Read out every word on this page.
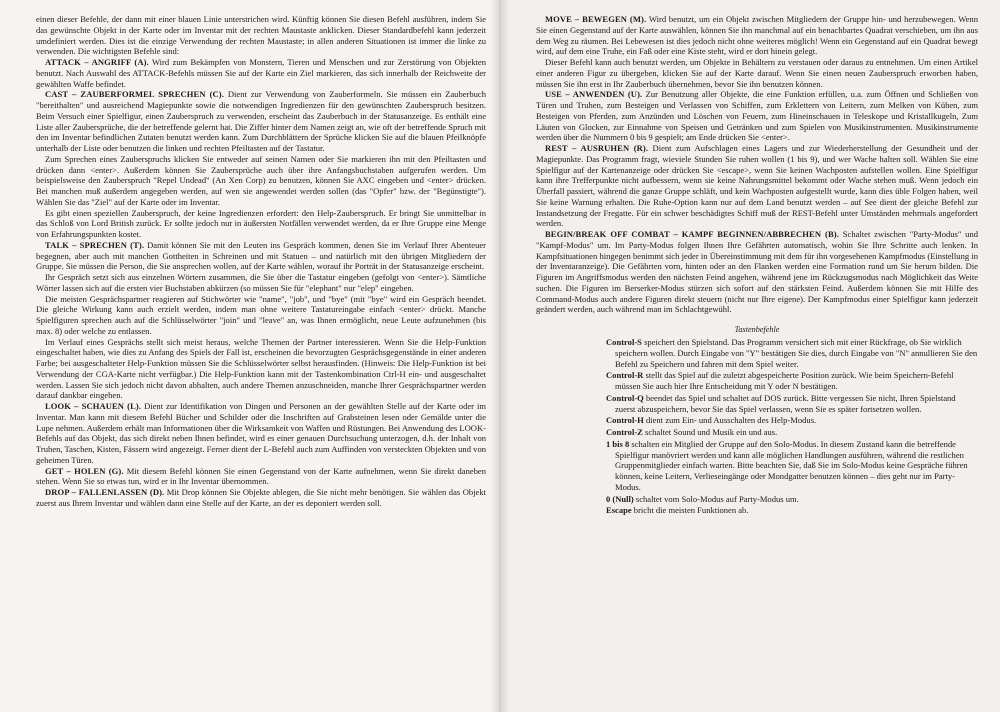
einen dieser Befehle, der dann mit einer blauen Linie unterstrichen wird. Künftig können Sie diesen Befehl ausführen, indem Sie das gewünschte Objekt in der Karte oder im Inventar mit der rechten Maustaste anklicken. Dieser Standardbefehl kann jederzeit umdefiniert werden. Dies ist die einzige Verwendung der rechten Maustaste; in allen anderen Situationen ist immer die linke zu verwenden. Die wichtigsten Befehle sind:

ATTACK – ANGRIFF (A). Wird zum Bekämpfen von Monstern, Tieren und Menschen und zur Zerstörung von Objekten benutzt. Nach Auswahl des ATTACK-Befehls müssen Sie auf der Karte ein Ziel markieren, das sich innerhalb der Reichweite der gewählten Waffe befindet.

CAST – ZAUBERFORMEL SPRECHEN (C). Dient zur Verwendung von Zauberformeln. Sie müssen ein Zauberbuch "bereithalten" und ausreichend Magiepunkte sowie die notwendigen Ingredienzen für den gewünschten Zauberspruch besitzen. Beim Versuch einer Spielfigur, einen Zauberspruch zu verwenden, erscheint das Zauberbuch in der Statusanzeige. Es enthält eine Liste aller Zaubersprüche, die der betreffende gelernt hat. Die Ziffer hinter dem Namen zeigt an, wie oft der betreffende Spruch mit den im Inventar befindlichen Zutaten benutzt werden kann. Zum Durchblättern der Sprüche klicken Sie auf die blauen Pfeilknöpfe unterhalb der Liste oder benutzen die linken und rechten Pfeiltasten auf der Tastatur.

Zum Sprechen eines Zauberspruchs klicken Sie entweder auf seinen Namen oder Sie markieren ihn mit den Pfeiltasten und drücken dann <enter>. Außerdem können Sie Zaubersprüche auch über ihre Anfangsbuchstaben aufgerufen werden. Um beispielsweise den Zauberspruch "Repel Undead" (An Xen Corp) zu benutzen, können Sie AXC eingeben und <enter> drücken. Bei manchen muß außerdem angegeben werden, auf wen sie angewendet werden sollen (das "Opfer" bzw. der "Begünstigte"). Wählen Sie das "Ziel" auf der Karte oder im Inventar.

Es gibt einen speziellen Zauberspruch, der keine Ingredienzen erfordert: den Help-Zauberspruch. Er bringt Sie unmittelbar in das Schloß von Lord British zurück. Er sollte jedoch nur in äußersten Notfällen verwendet werden, da er Ihre Gruppe eine Menge von Erfahrungspunkten kostet.

TALK – SPRECHEN (T). Damit können Sie mit den Leuten ins Gespräch kommen, denen Sie im Verlauf Ihrer Abenteuer begegnen, aber auch mit manchen Gottheiten in Schreinen und mit Statuen – und natürlich mit den übrigen Mitgliedern der Gruppe. Sie müssen die Person, die Sie ansprechen wollen, auf der Karte wählen, worauf ihr Porträt in der Statusanzeige erscheint.

Ihr Gespräch setzt sich aus einzelnen Wörtern zusammen, die Sie über die Tastatur eingeben (gefolgt von <enter>). Sämtliche Wörter lassen sich auf die ersten vier Buchstaben abkürzen (so müssen Sie für "elephant" nur "elep" eingeben.

Die meisten Gesprächspartner reagieren auf Stichwörter wie "name", "job", und "bye" (mit "bye" wird ein Gespräch beendet. Die gleiche Wirkung kann auch erzielt werden, indem man ohne weitere Tastatureingabe einfach <enter> drückt. Manche Spielfiguren sprechen auch auf die Schlüsselwörter "join" und "leave" an, was Ihnen ermöglicht, neue Leute aufzunehmen (bis max. 8) oder welche zu entlassen.

Im Verlauf eines Gesprächs stellt sich meist heraus, welche Themen der Partner interessieren. Wenn Sie die Help-Funktion eingeschaltet haben, wie dies zu Anfang des Spiels der Fall ist, erscheinen die bevorzugten Gesprächsgegenstände in einer anderen Farbe; bei ausgeschalteter Help-Funktion müssen Sie die Schlüsselwörter selbst herausfinden. (Hinweis: Die Help-Funktion ist bei Verwendung der CGA-Karte nicht verfügbar.) Die Help-Funktion kann mit der Tastenkombination Ctrl-H ein- und ausgeschaltet werden. Lassen Sie sich jedoch nicht davon abhalten, auch andere Themen anzuschneiden, manche Ihrer Gesprächspartner werden darauf dankbar eingehen.

LOOK – SCHAUEN (L). Dient zur Identifikation von Dingen und Personen an der gewählten Stelle auf der Karte oder im Inventar. Man kann mit diesem Befehl Bücher und Schilder oder die Inschriften auf Grabsteinen lesen oder Gemälde unter die Lupe nehmen. Außerdem erhält man Informationen über die Wirksamkeit von Waffen und Rüstungen. Bei Anwendung des LOOK-Befehls auf das Objekt, das sich direkt neben Ihnen befindet, wird es einer genauen Durchsuchung unterzogen, d.h. der Inhalt von Truhen, Taschen, Kisten, Fässern wird angezeigt. Ferner dient der L-Befehl auch zum Auffinden von versteckten Objekten und von geheimen Türen.

GET – HOLEN (G). Mit diesem Befehl können Sie einen Gegenstand von der Karte aufnehmen, wenn Sie direkt daneben stehen. Wenn Sie so etwas tun, wird er in Ihr Inventar übernommen.

DROP – FALLENLASSEN (D). Mit Drop können Sie Objekte ablegen, die Sie nicht mehr benötigen. Sie wählen das Objekt zuerst aus Ihrem Inventar und wählen dann eine Stelle auf der Karte, an der es deponiert werden soll.

MOVE – BEWEGEN (M). Wird benutzt, um ein Objekt zwischen Mitgliedern der Gruppe hin- und herzubewegen. Wenn Sie einen Gegenstand auf der Karte auswählen, können Sie ihn manchmal auf ein benachbartes Quadrat verschieben, um ihn aus dem Weg zu räumen. Bei Lebewesen ist dies jedoch nicht ohne weiteres möglich! Wenn ein Gegenstand auf ein Quadrat bewegt wird, auf dem eine Truhe, ein Faß oder eine Kiste steht, wird er dort hinein gelegt.

Dieser Befehl kann auch benutzt werden, um Objekte in Behältern zu verstauen oder daraus zu entnehmen. Um einen Artikel einer anderen Figur zu übergeben, klicken Sie auf der Karte darauf. Wenn Sie einen neuen Zauberspruch erworben haben, müssen Sie ihn erst in Ihr Zauberbuch übernehmen, bevor Sie ihn benutzen können.

USE – ANWENDEN (U). Zur Benutzung aller Objekte, die eine Funktion erfüllen, u.a. zum Öffnen und Schließen von Türen und Truhen, zum Besteigen und Verlassen von Schiffen, zum Erklettern von Leitern, zum Melken von Kühen, zum Besteigen von Pferden, zum Anzünden und Löschen von Feuern, zum Hineinschauen in Teleskope und Kristallkugeln, Zum Läuten von Glocken, zur Einnahme von Speisen und Getränken und zum Spielen von Musikinstrumenten. Musikinstrumente werden über die Nummern 0 bis 9 gespielt; am Ende drücken Sie <enter>.

REST – AUSRUHEN (R). Dient zum Aufschlagen eines Lagers und zur Wiederherstellung der Gesundheit und der Magiepunkte. Das Programm fragt, wieviele Stunden Sie ruhen wollen (1 bis 9), und wer Wache halten soll. Wählen Sie eine Spielfigur auf der Kartenanzeige oder drücken Sie <escape>, wenn Sie keinen Wachposten aufstellen wollen. Eine Spielfigur kann ihre Trefferpunkte nicht aufbessern, wenn sie keine Nahrungsmittel bekommt oder Wache stehen muß. Wenn jedoch ein Überfall passiert, während die ganze Gruppe schläft, und kein Wachposten aufgestellt wurde, kann dies üble Folgen haben, weil Sie keine Warnung erhalten. Die Ruhe-Option kann nur auf dem Land benutzt werden – auf See dient der gleiche Befehl zur Instandsetzung der Fregatte. Für ein schwer beschädigtes Schiff muß der REST-Befehl unter Umständen mehrmals angefordert werden.

BEGIN/BREAK OFF COMBAT – KAMPF BEGINNEN/ABBRECHEN (B). Schaltet zwischen "Party-Modus" und "Kampf-Modus" um. Im Party-Modus folgen Ihnen Ihre Gefährten automatisch, wohin Sie Ihre Schritte auch lenken. In Kampfsituationen hingegen benimmt sich jeder in Übereinstimmung mit dem für ihn vorgesehenen Kampfmodus (Einstellung in der Inventaranzeige). Die Gefährten vorn, hinten oder an den Flanken werden eine Formation rund um Sie herum bilden. Die Figuren im Angriffsmodus werden den nächsten Feind angehen, während jene im Rückzugsmodus nach Möglichkeit das Weite suchen. Die Figuren im Berserker-Modus stürzen sich sofort auf den stärksten Feind. Außerdem können Sie mit Hilfe des Command-Modus auch andere Figuren direkt steuern (nicht nur Ihre eigene). Der Kampfmodus einer Spielfigur kann jederzeit geändert werden, auch während man im Schlachtgewühl.

Tastenbefehle
Control-S speichert den Spielstand. Das Programm versichert sich mit einer Rückfrage, ob Sie wirklich speichern wollen. Durch Eingabe von "Y" bestätigen Sie dies, durch Eingabe von "N" annullieren Sie den Befehl zu Speichern und fahren mit dem Spiel weiter.
Control-R stellt das Spiel auf die zuletzt abgespeicherte Position zurück. Wie beim Speichern-Befehl müssen Sie auch hier Ihre Entscheidung mit Y oder N bestätigen.
Control-Q beendet das Spiel und schaltet auf DOS zurück. Bitte vergessen Sie nicht, Ihren Spielstand zuerst abzuspeichern, bevor Sie das Spiel verlassen, wenn Sie es später fortsetzen wollen.
Control-H dient zum Ein- und Ausschalten des Help-Modus.
Control-Z schaltet Sound und Musik ein und aus.
1 bis 8 schalten ein Mitglied der Gruppe auf den Solo-Modus. In diesem Zustand kann die betreffende Spielfigur manövriert werden und kann alle möglichen Handlungen ausführen, während die restlichen Gruppenmitglieder einfach warten. Bitte beachten Sie, daß Sie im Solo-Modus keine Gespräche führen können, keine Leitern, Verlieseingänge oder Mondgatter benutzen können – dies geht nur im Party-Modus.
0 (Null) schaltet vom Solo-Modus auf Party-Modus um.
Escape bricht die meisten Funktionen ab.
